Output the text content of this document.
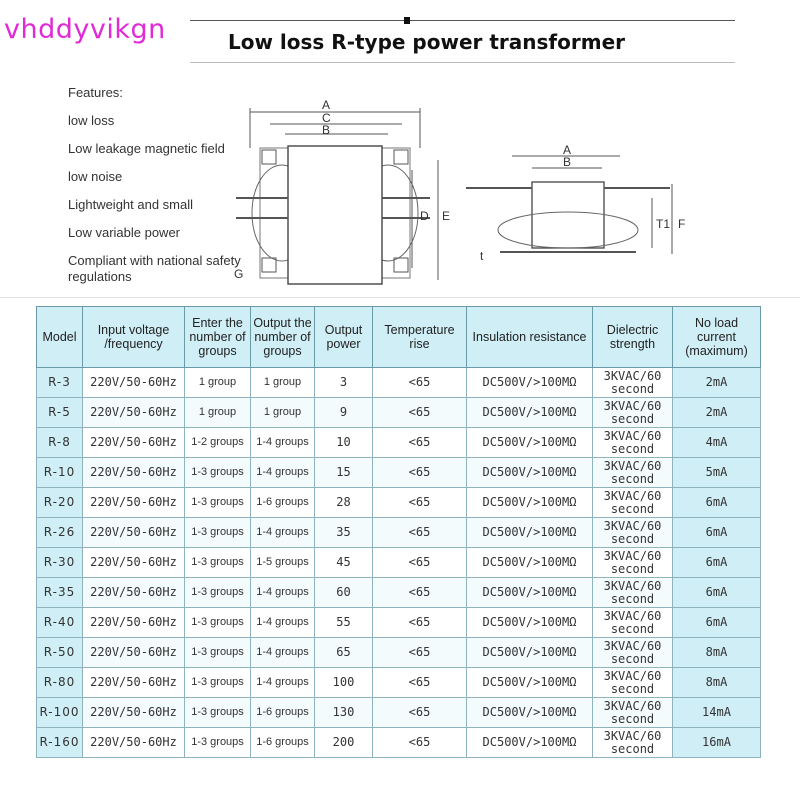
vhddyvikgn	Low loss R-type power transformer
Features:
low loss
Low leakage magnetic field
low noise
Lightweight and small
Low variable power
Compliant with national safety regulations
A
C
B
D E
G
A
B
T1 F
t
Model	Input voltage /frequency	Enter the number of groups	Output the number of groups	Output power	Temperature rise	Insulation resistance	Dielectric strength	No load current (maximum)
R-3	220V/50-60Hz	1 group	1 group	3	<65	DC500V/>100MΩ	3KVAC/60 second	2mA
R-5	220V/50-60Hz	1 group	1 group	9	<65	DC500V/>100MΩ	3KVAC/60 second	2mA
R-8	220V/50-60Hz	1-2 groups	1-4 groups	10	<65	DC500V/>100MΩ	3KVAC/60 second	4mA
R-10	220V/50-60Hz	1-3 groups	1-4 groups	15	<65	DC500V/>100MΩ	3KVAC/60 second	5mA
R-20	220V/50-60Hz	1-3 groups	1-6 groups	28	<65	DC500V/>100MΩ	3KVAC/60 second	6mA
R-26	220V/50-60Hz	1-3 groups	1-4 groups	35	<65	DC500V/>100MΩ	3KVAC/60 second	6mA
R-30	220V/50-60Hz	1-3 groups	1-5 groups	45	<65	DC500V/>100MΩ	3KVAC/60 second	6mA
R-35	220V/50-60Hz	1-3 groups	1-4 groups	60	<65	DC500V/>100MΩ	3KVAC/60 second	6mA
R-40	220V/50-60Hz	1-3 groups	1-4 groups	55	<65	DC500V/>100MΩ	3KVAC/60 second	6mA
R-50	220V/50-60Hz	1-3 groups	1-4 groups	65	<65	DC500V/>100MΩ	3KVAC/60 second	8mA
R-80	220V/50-60Hz	1-3 groups	1-4 groups	100	<65	DC500V/>100MΩ	3KVAC/60 second	8mA
R-100	220V/50-60Hz	1-3 groups	1-6 groups	130	<65	DC500V/>100MΩ	3KVAC/60 second	14mA
R-160	220V/50-60Hz	1-3 groups	1-6 groups	200	<65	DC500V/>100MΩ	3KVAC/60 second	16mA
